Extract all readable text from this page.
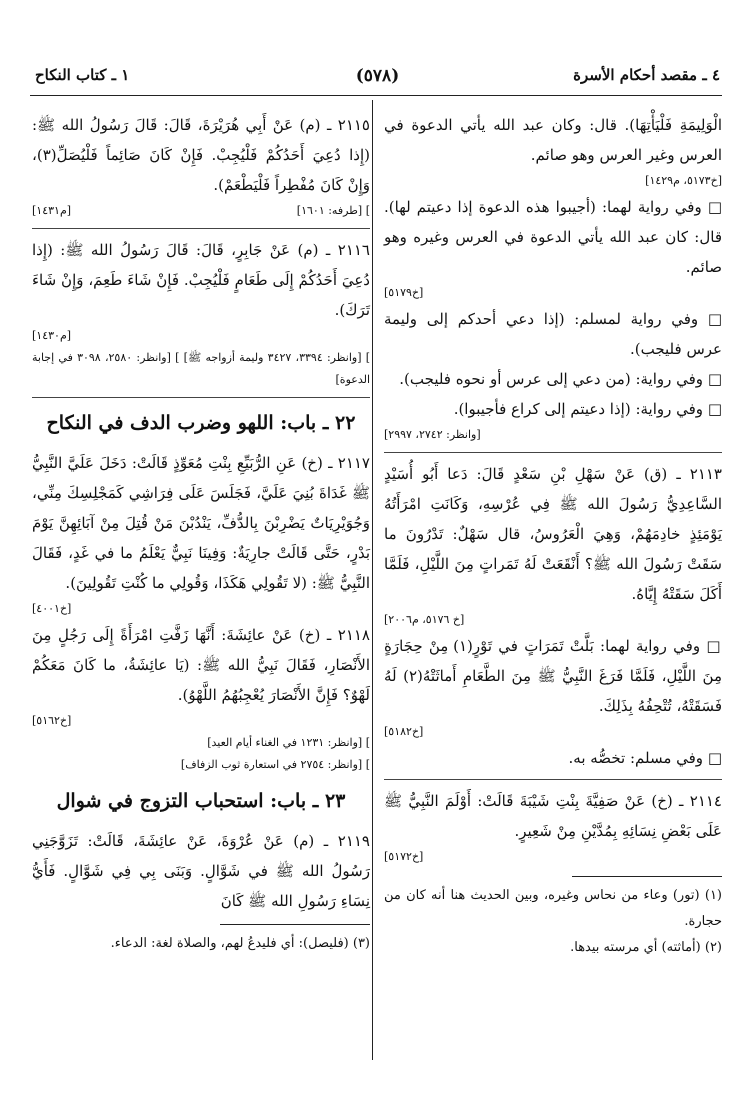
٤ ـ مقصد أحكام الأسرة
(٥٧٨)
١ ـ كتاب النكاح

الْوَلِيمَةِ فَلْيَأْتِهَا). قال: وكان عبد الله يأتي الدعوة في العرس وغير العرس وهو صائم.

[خ٥١٧٣، م١٤٢٩]

□ وفي رواية لهما: (أجيبوا هذه الدعوة إذا دعيتم لها). قال: كان عبد الله يأتي الدعوة في العرس وغيره وهو صائم.

[خ٥١٧٩]

□ وفي رواية لمسلم: (إذا دعي أحدكم إلى وليمة عرس فليجب).

□ وفي رواية: (من دعي إلى عرس أو نحوه فليجب).

□ وفي رواية: (إذا دعيتم إلى كراع فأجيبوا).

[وانظر: ٢٧٤٢، ٢٩٩٧]

٢١١٣ ـ (ق) عَنْ سَهْلِ بْنِ سَعْدٍ قَالَ: دَعا أَبُو أُسَيْدٍ السَّاعِدِيُّ رَسُولَ الله ﷺ فِي عُرْسِهِ، وَكَانَتِ امْرَأَتُهُ يَوْمَئِذٍ خادِمَهُمْ، وَهِيَ الْعَرُوسُ، قال سَهْلٌ: تَدْرُونَ ما سَقَتْ رَسُولَ الله ﷺ؟ أَنْقَعَتْ لَهُ تَمَراتٍ مِنَ اللَّيْلِ، فَلَمَّا أَكَلَ سَقَتْهُ إِيَّاهُ.

[خ ٥١٧٦، م٢٠٠٦]

□ وفي رواية لهما: بَلَّتْ تَمَرَاتٍ في تَوْرٍ(١) مِنْ حِجَارَةٍ مِنَ اللَّيْلِ، فَلَمَّا فَرَغَ النَّبِيُّ ﷺ مِنَ الطَّعَامِ أَماثَتْهُ(٢) لَهُ فَسَقَتْهُ، تُتْحِفُهُ بِذَلِكَ.

[خ٥١٨٢]

□ وفي مسلم: تخصُّه به.

٢١١٤ ـ (خ) عَنْ صَفِيَّةَ بِنْتِ شَيْبَةَ قَالَتْ: أَوْلَمَ النَّبِيُّ ﷺ عَلَى بَعْضِ نِسَائِهِ بِمُدَّيْنِ مِنْ شَعِيرٍ.

[خ٥١٧٢]

(١) (تور) وعاء من نحاس وغيره، وبين الحديث هنا أنه كان من حجارة.

(٢) (أماثته) أي مرسته بيدها.

٢١١٥ ـ (م) عَنْ أَبِي هُرَيْرَةَ، قَالَ: قَالَ رَسُولُ الله ﷺ: (إِذا دُعِيَ أَحَدُكُمْ فَلْيُجِبْ. فَإِنْ كَانَ صَائِماً فَلْيُصَلِّ(٣)، وَإِنْ كَانَ مُفْطِراً فَلْيَطْعَمْ).

] [طرفه: ١٦٠١]
[م١٤٣١]

٢١١٦ ـ (م) عَنْ جَابِرٍ، قَالَ: قَالَ رَسُولُ الله ﷺ: (إِذا دُعِيَ أَحَدُكُمْ إِلَى طَعَامٍ فَلْيُجِبْ. فَإِنْ شَاءَ طَعِمَ، وَإِنْ شَاءَ تَرَكَ).

[م١٤٣٠]

] [وانظر: ٣٣٩٤، ٣٤٢٧ وليمة أزواجه ﷺ] ] [وانظر: ٢٥٨٠، ٣٠٩٨ في إجابة الدعوة]

٢٢ ـ باب: اللهو وضرب الدف في النكاح

٢١١٧ ـ (خ) عَنِ الرُّبَيِّعِ بِنْتِ مُعَوِّذٍ قَالَتْ: دَخَلَ عَلَيَّ النَّبِيُّ ﷺ غَدَاةَ بُنِيَ عَلَيَّ، فَجَلَسَ عَلَى فِرَاشِي كَمَجْلِسِكَ مِنِّي، وَجُوَيْرِيَاتٌ يَضْرِبْنَ بِالدُّفِّ، يَنْدُبْنَ مَنْ قُتِلَ مِنْ آبَائِهِنَّ يَوْمَ بَدْرٍ، حَتَّى قَالَتْ جارِيَةٌ: وَفِينَا نَبِيٌّ يَعْلَمُ ما في غَدٍ، فَقَالَ النَّبِيُّ ﷺ: (لا تَقُولِي هَكَذَا، وَقُولِي ما كُنْتِ تَقُولِينَ).

[خ٤٠٠١]

٢١١٨ ـ (خ) عَنْ عائِشَةَ: أَنَّهَا زَفَّتِ امْرَأَةً إِلَى رَجُلٍ مِنَ الأَنْصَارِ، فَقَالَ نَبِيُّ الله ﷺ: (يَا عائِشَةُ، ما كَانَ مَعَكُمْ لَهْوٌ؟ فَإِنَّ الأَنْصَارَ يُعْجِبُهُمُ اللَّهْوُ).

[خ٥١٦٢]

] [وانظر: ١٢٣١ في الغناء أيام العيد]

] [وانظر: ٢٧٥٤ في استعارة ثوب الزفاف]

٢٣ ـ باب: استحباب التزوج في شوال

٢١١٩ ـ (م) عَنْ عُرْوَةَ، عَنْ عائِشَةَ، قَالَتْ: تَزَوَّجَنِي رَسُولُ الله ﷺ في شَوَّالٍ. وَبَنَى بِي فِي شَوَّالٍ. فَأَيُّ نِسَاءِ رَسُولِ الله ﷺ كَانَ

(٣) (فليصل): أي فليدعُ لهم، والصلاة لغة: الدعاء.
